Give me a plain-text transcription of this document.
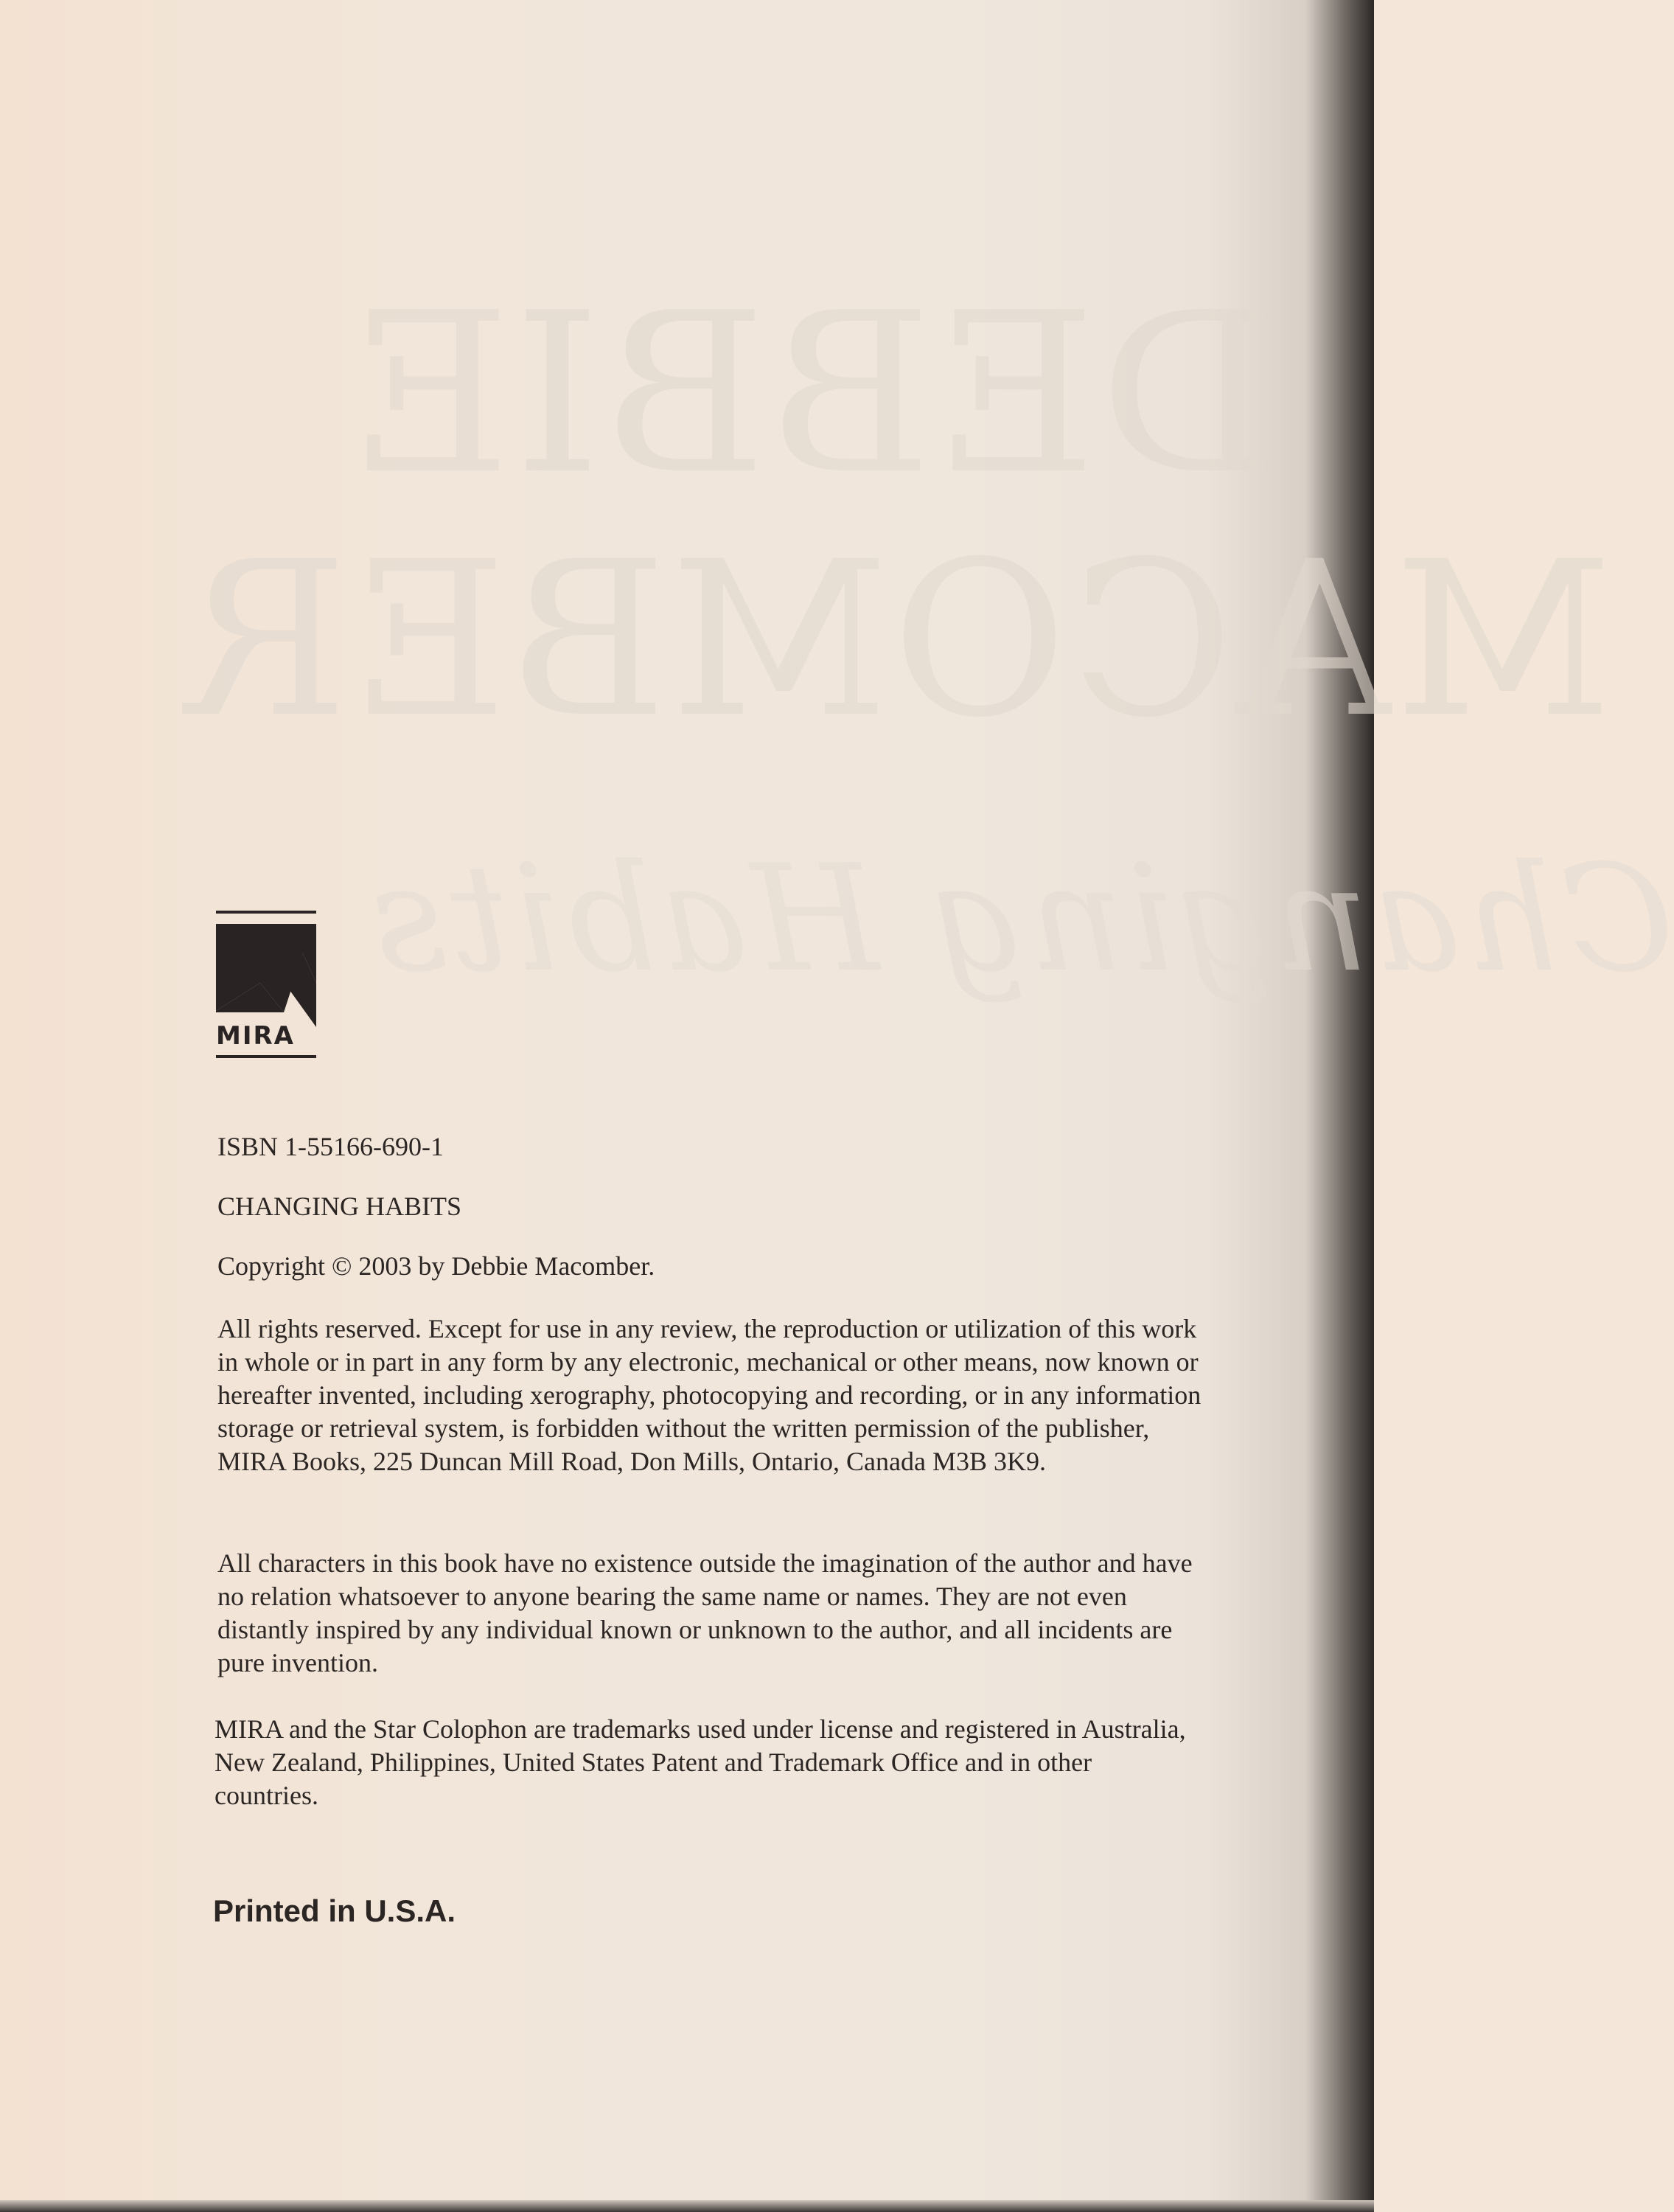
DEBBIE
MACOMBER
Changing Habits
MIRA

ISBN 1-55166-690-1

CHANGING HABITS

Copyright © 2003 by Debbie Macomber.

All rights reserved. Except for use in any review, the reproduction or utilization of this work in whole or in part in any form by any electronic, mechanical or other means, now known or hereafter invented, including xerography, photocopying and recording, or in any information storage or retrieval system, is forbidden without the written permission of the publisher, MIRA Books, 225 Duncan Mill Road, Don Mills, Ontario, Canada M3B 3K9.

All characters in this book have no existence outside the imagination of the author and have no relation whatsoever to anyone bearing the same name or names. They are not even distantly inspired by any individual known or unknown to the author, and all incidents are pure invention.

MIRA and the Star Colophon are trademarks used under license and registered in Australia, New Zealand, Philippines, United States Patent and Trademark Office and in other countries.

Printed in U.S.A.
